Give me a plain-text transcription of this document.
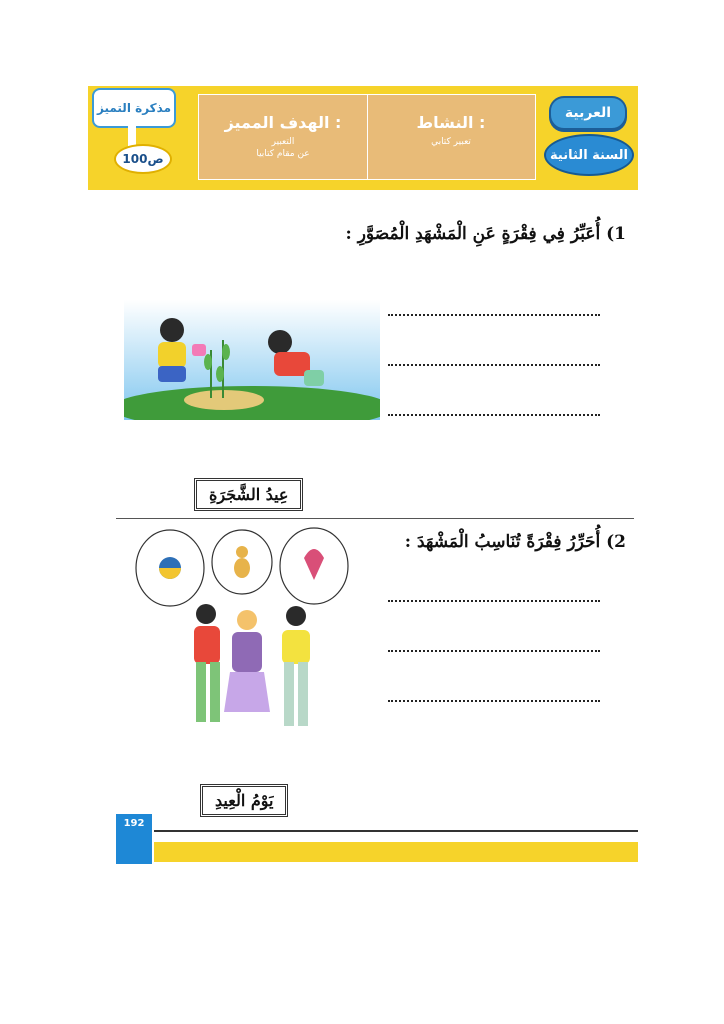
العربية
السنة الثانية
النشاط :
تعبير كتابي
الهدف المميز :
التعبير
عن مقام كتابيا
مذكرة التميز
ص100
1) أُعَبِّرُ فِي فِقْرَةٍ عَنِ الْمَشْهَدِ الْمُصَوَّرِ :
عِيدُ الشَّجَرَةِ
2) أُحَرِّرُ فِقْرَةً تُنَاسِبُ الْمَشْهَدَ :
يَوْمُ الْعِيدِ
192
